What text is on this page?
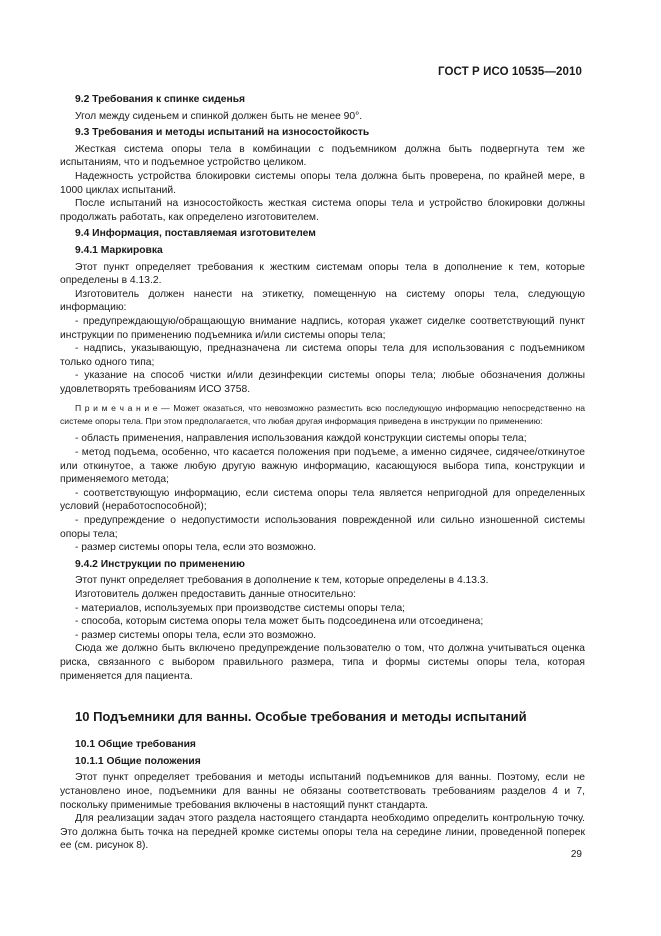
ГОСТ Р ИСО 10535—2010

9.2 Требования к спинке сиденья

Угол между сиденьем и спинкой должен быть не менее 90°.

9.3 Требования и методы испытаний на износостойкость

Жесткая система опоры тела в комбинации с подъемником должна быть подвергнута тем же испытаниям, что и подъемное устройство целиком.

Надежность устройства блокировки системы опоры тела должна быть проверена, по крайней мере, в 1000 циклах испытаний.

После испытаний на износостойкость жесткая система опоры тела и устройство блокировки должны продолжать работать, как определено изготовителем.

9.4 Информация, поставляемая изготовителем

9.4.1 Маркировка

Этот пункт определяет требования к жестким системам опоры тела в дополнение к тем, которые определены в 4.13.2.

Изготовитель должен нанести на этикетку, помещенную на систему опоры тела, следующую информацию:

- предупреждающую/обращающую внимание надпись, которая укажет сиделке соответствующий пункт инструкции по применению подъемника и/или системы опоры тела;

- надпись, указывающую, предназначена ли система опоры тела для использования с подъемником только одного типа;

- указание на способ чистки и/или дезинфекции системы опоры тела; любые обозначения должны удовлетворять требованиям ИСО 3758.

П р и м е ч а н и е — Может оказаться, что невозможно разместить всю последующую информацию непосредственно на системе опоры тела. При этом предполагается, что любая другая информация приведена в инструкции по применению:

- область применения, направления использования каждой конструкции системы опоры тела;

- метод подъема, особенно, что касается положения при подъеме, а именно сидячее, сидячее/откинутое или откинутое, а также любую другую важную информацию, касающуюся выбора типа, конструкции и применяемого метода;

- соответствующую информацию, если система опоры тела является непригодной для определенных условий (неработоспособной);

- предупреждение о недопустимости использования поврежденной или сильно изношенной системы опоры тела;

- размер системы опоры тела, если это возможно.

9.4.2 Инструкции по применению

Этот пункт определяет требования в дополнение к тем, которые определены в 4.13.3.

Изготовитель должен предоставить данные относительно:

- материалов, используемых при производстве системы опоры тела;

- способа, которым система опоры тела может быть подсоединена или отсоединена;

- размер системы опоры тела, если это возможно.

Сюда же должно быть включено предупреждение пользователю о том, что должна учитываться оценка риска, связанного с выбором правильного размера, типа и формы системы опоры тела, которая применяется для пациента.

10 Подъемники для ванны. Особые требования и методы испытаний

10.1 Общие требования

10.1.1 Общие положения

Этот пункт определяет требования и методы испытаний подъемников для ванны. Поэтому, если не установлено иное, подъемники для ванны не обязаны соответствовать требованиям разделов 4 и 7, поскольку применимые требования включены в настоящий пункт стандарта.

Для реализации задач этого раздела настоящего стандарта необходимо определить контрольную точку. Это должна быть точка на передней кромке системы опоры тела на середине линии, проведенной поперек ее (см. рисунок 8).

29
